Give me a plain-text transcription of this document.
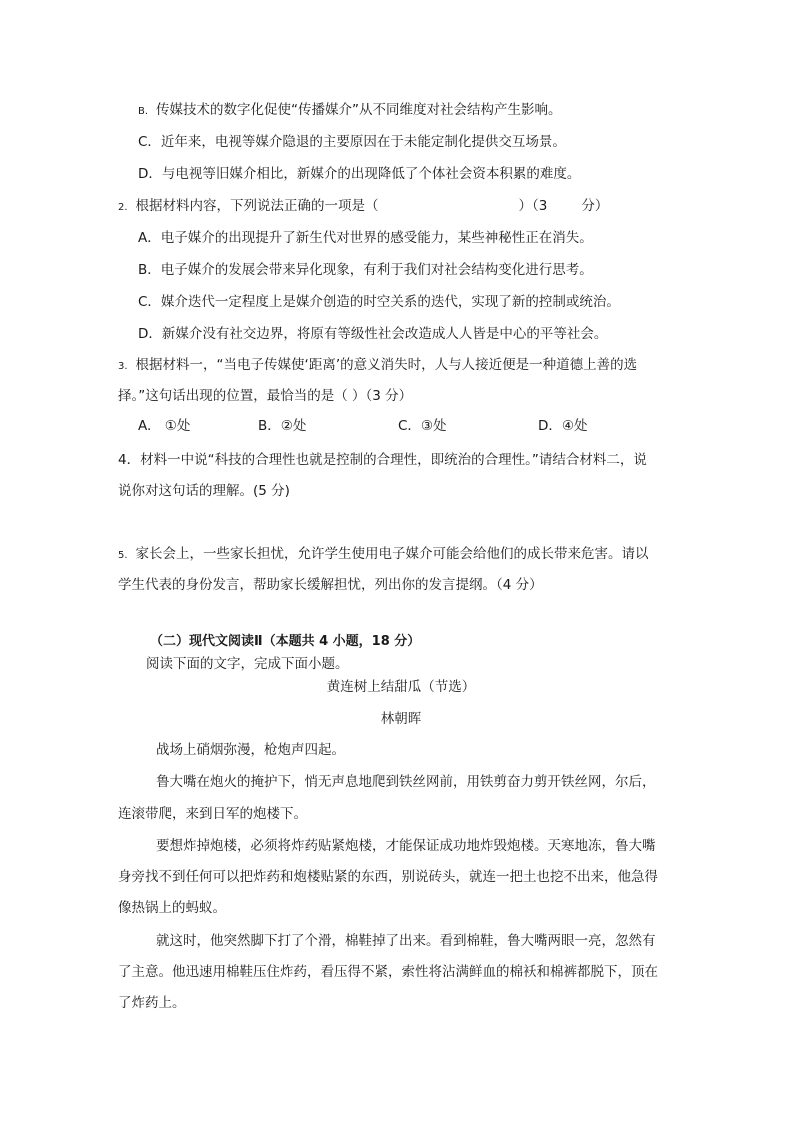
B. 传媒技术的数字化促使“传播媒介”从不同维度对社会结构产生影响。
C．近年来，电视等媒介隐退的主要原因在于未能定制化提供交互场景。
D．与电视等旧媒介相比，新媒介的出现降低了个体社会资本积累的难度。
2. 根据材料内容，下列说法正确的一项是（	）（3	分）
A．电子媒介的出现提升了新生代对世界的感受能力，某些神秘性正在消失。
B．电子媒介的发展会带来异化现象，有利于我们对社会结构变化进行思考。
C．媒介迭代一定程度上是媒介创造的时空关系的迭代，实现了新的控制或统治。
D．新媒介没有社交边界，将原有等级性社会改造成人人皆是中心的平等社会。
3. 根据材料一，“当电子传媒使‘距离’的意义消失时，人与人接近便是一种道德上善的选
择。”这句话出现的位置，最恰当的是（ ）（3 分）
A.　①处	B．②处	C．③处	D．④处
4．材料一中说“科技的合理性也就是控制的合理性，即统治的合理性。”请结合材料二，说
说你对这句话的理解。(5 分)
5. 家长会上，一些家长担忧，允许学生使用电子媒介可能会给他们的成长带来危害。请以
学生代表的身份发言，帮助家长缓解担忧，列出你的发言提纲。（4 分）
（二）现代文阅读Ⅱ（本题共 4 小题，18 分）
阅读下面的文字，完成下面小题。
黄连树上结甜瓜（节选）
林朝晖
战场上硝烟弥漫，枪炮声四起。
鲁大嘴在炮火的掩护下，悄无声息地爬到铁丝网前，用铁剪奋力剪开铁丝网，尔后，
连滚带爬，来到日军的炮楼下。
要想炸掉炮楼，必须将炸药贴紧炮楼，才能保证成功地炸毁炮楼。天寒地冻，鲁大嘴
身旁找不到任何可以把炸药和炮楼贴紧的东西，别说砖头，就连一把土也挖不出来，他急得
像热锅上的蚂蚁。
就这时，他突然脚下打了个滑，棉鞋掉了出来。看到棉鞋，鲁大嘴两眼一亮，忽然有
了主意。他迅速用棉鞋压住炸药，看压得不紧，索性将沾满鲜血的棉袄和棉裤都脱下，顶在
了炸药上。
